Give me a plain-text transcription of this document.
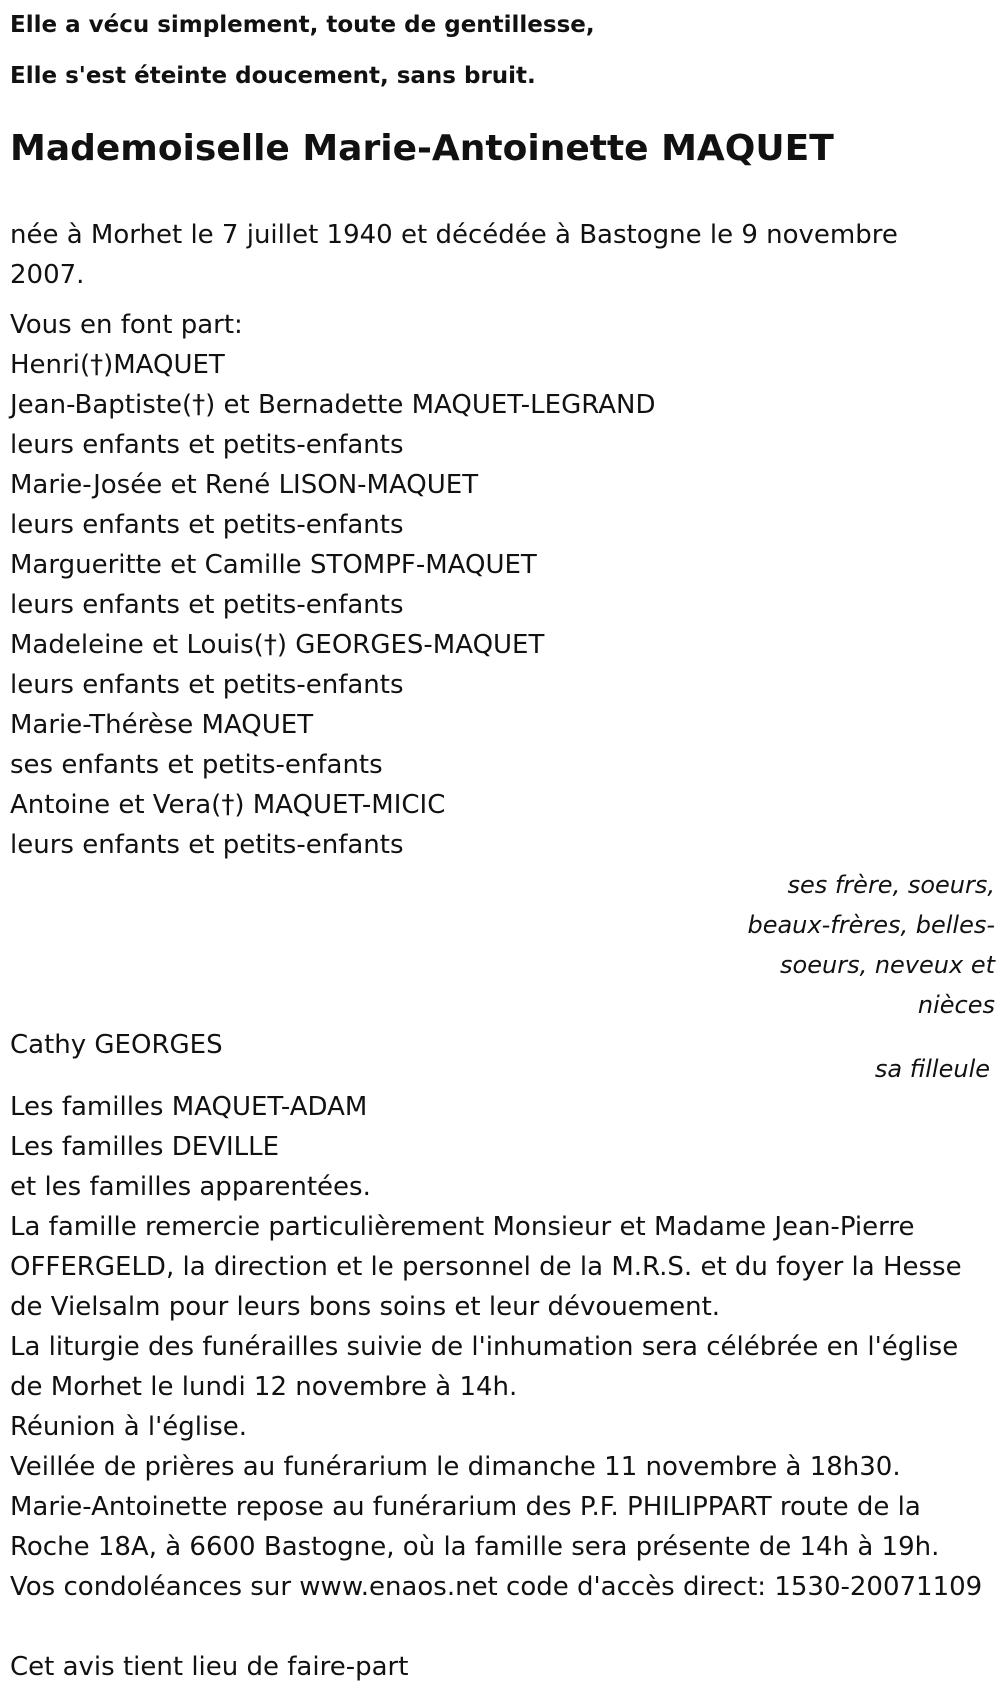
Elle a vécu simplement, toute de gentillesse,
Elle s'est éteinte doucement, sans bruit.
Mademoiselle Marie-Antoinette MAQUET
née à Morhet le 7 juillet 1940 et décédée à Bastogne le 9 novembre 2007.
Vous en font part:
Henri(†)MAQUET
Jean-Baptiste(†) et Bernadette MAQUET-LEGRAND
leurs enfants et petits-enfants
Marie-Josée et René LISON-MAQUET
leurs enfants et petits-enfants
Margueritte et Camille STOMPF-MAQUET
leurs enfants et petits-enfants
Madeleine et Louis(†) GEORGES-MAQUET
leurs enfants et petits-enfants
Marie-Thérèse MAQUET
ses enfants et petits-enfants
Antoine et Vera(†) MAQUET-MICIC
leurs enfants et petits-enfants
ses frère, soeurs,
beaux-frères, belles-
soeurs, neveux et
nièces
Cathy GEORGES
sa filleule
Les familles MAQUET-ADAM
Les familles DEVILLE
et les familles apparentées.
La famille remercie particulièrement Monsieur et Madame Jean-Pierre
OFFERGELD, la direction et le personnel de la M.R.S. et du foyer la Hesse
de Vielsalm pour leurs bons soins et leur dévouement.
La liturgie des funérailles suivie de l'inhumation sera célébrée en l'église
de Morhet le lundi 12 novembre à 14h.
Réunion à l'église.
Veillée de prières au funérarium le dimanche 11 novembre à 18h30.
Marie-Antoinette repose au funérarium des P.F. PHILIPPART route de la
Roche 18A, à 6600 Bastogne, où la famille sera présente de 14h à 19h.
Vos condoléances sur www.enaos.net code d'accès direct: 1530-20071109
Cet avis tient lieu de faire-part
